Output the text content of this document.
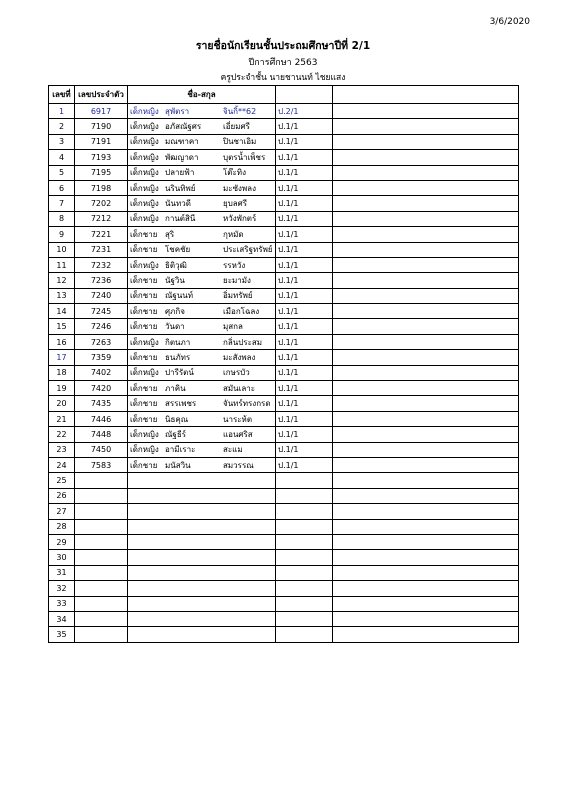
3/6/2020
รายชื่อนักเรียนชั้นประถมศึกษาปีที่ 2/1
ปีการศึกษา 2563
ครูประจำชั้น นายชานนท์ ไชยแสง
เลขที่	เลขประจำตัว	ชื่อ-สกุล		
1	6917	เด็กหญิง สุพัตรา จินกิ้**62	ป.2/1	
2	7190	เด็กหญิง อภัสณัฐศร เอี่ยมศรี	ป.1/1	
3	7191	เด็กหญิง มณฑาคา ปินชาเอิม	ป.1/1	
4	7193	เด็กหญิง พัฒญาดา บุตรน้ำเพ็ชร	ป.1/1	
5	7195	เด็กหญิง ปลายฟ้า โต๊ะทิง	ป.1/1	
6	7198	เด็กหญิง นรินทิพย์ มะซังพลง	ป.1/1	
7	7202	เด็กหญิง นันทวดี ยุบลศรี	ป.1/1	
8	7212	เด็กหญิง กานต์สินี หวังพักตร์	ป.1/1	
9	7221	เด็กชาย สุริ กุหมัด	ป.1/1	
10	7231	เด็กชาย โชคชัย ประเสริฐทรัพย์	ป.1/1	
11	7232	เด็กหญิง ธิติวุฒิ รรหวัง	ป.1/1	
12	7236	เด็กชาย นัฐวิน ยะมามัง	ป.1/1	
13	7240	เด็กชาย ณัฐนนท์ อิ่มทรัพย์	ป.1/1	
14	7245	เด็กชาย ศุภกิจ เมือกโฉลง	ป.1/1	
15	7246	เด็กชาย วันดา มุสกล	ป.1/1	
16	7263	เด็กหญิง กิตนภา กลิ่นประสม	ป.1/1	
17	7359	เด็กชาย ธนภัทร มะสังพลง	ป.1/1	
18	7402	เด็กหญิง ปารีรัตน์ เกษรบัว	ป.1/1	
19	7420	เด็กชาย ภาคิน สมันเลาะ	ป.1/1	
20	7435	เด็กชาย สรรเพชร จันทร์ทรงกรด	ป.1/1	
21	7446	เด็กชาย นิธคุณ นาระห้ต	ป.1/1	
22	7448	เด็กหญิง ณัฐธีร์ แอนศริส	ป.1/1	
23	7450	เด็กหญิง อามีเราะ สะแม	ป.1/1	
24	7583	เด็กชาย มนัสวิน สมวรรณ	ป.1/1	
25				
26				
27				
28				
29				
30				
31				
32				
33				
34				
35				
